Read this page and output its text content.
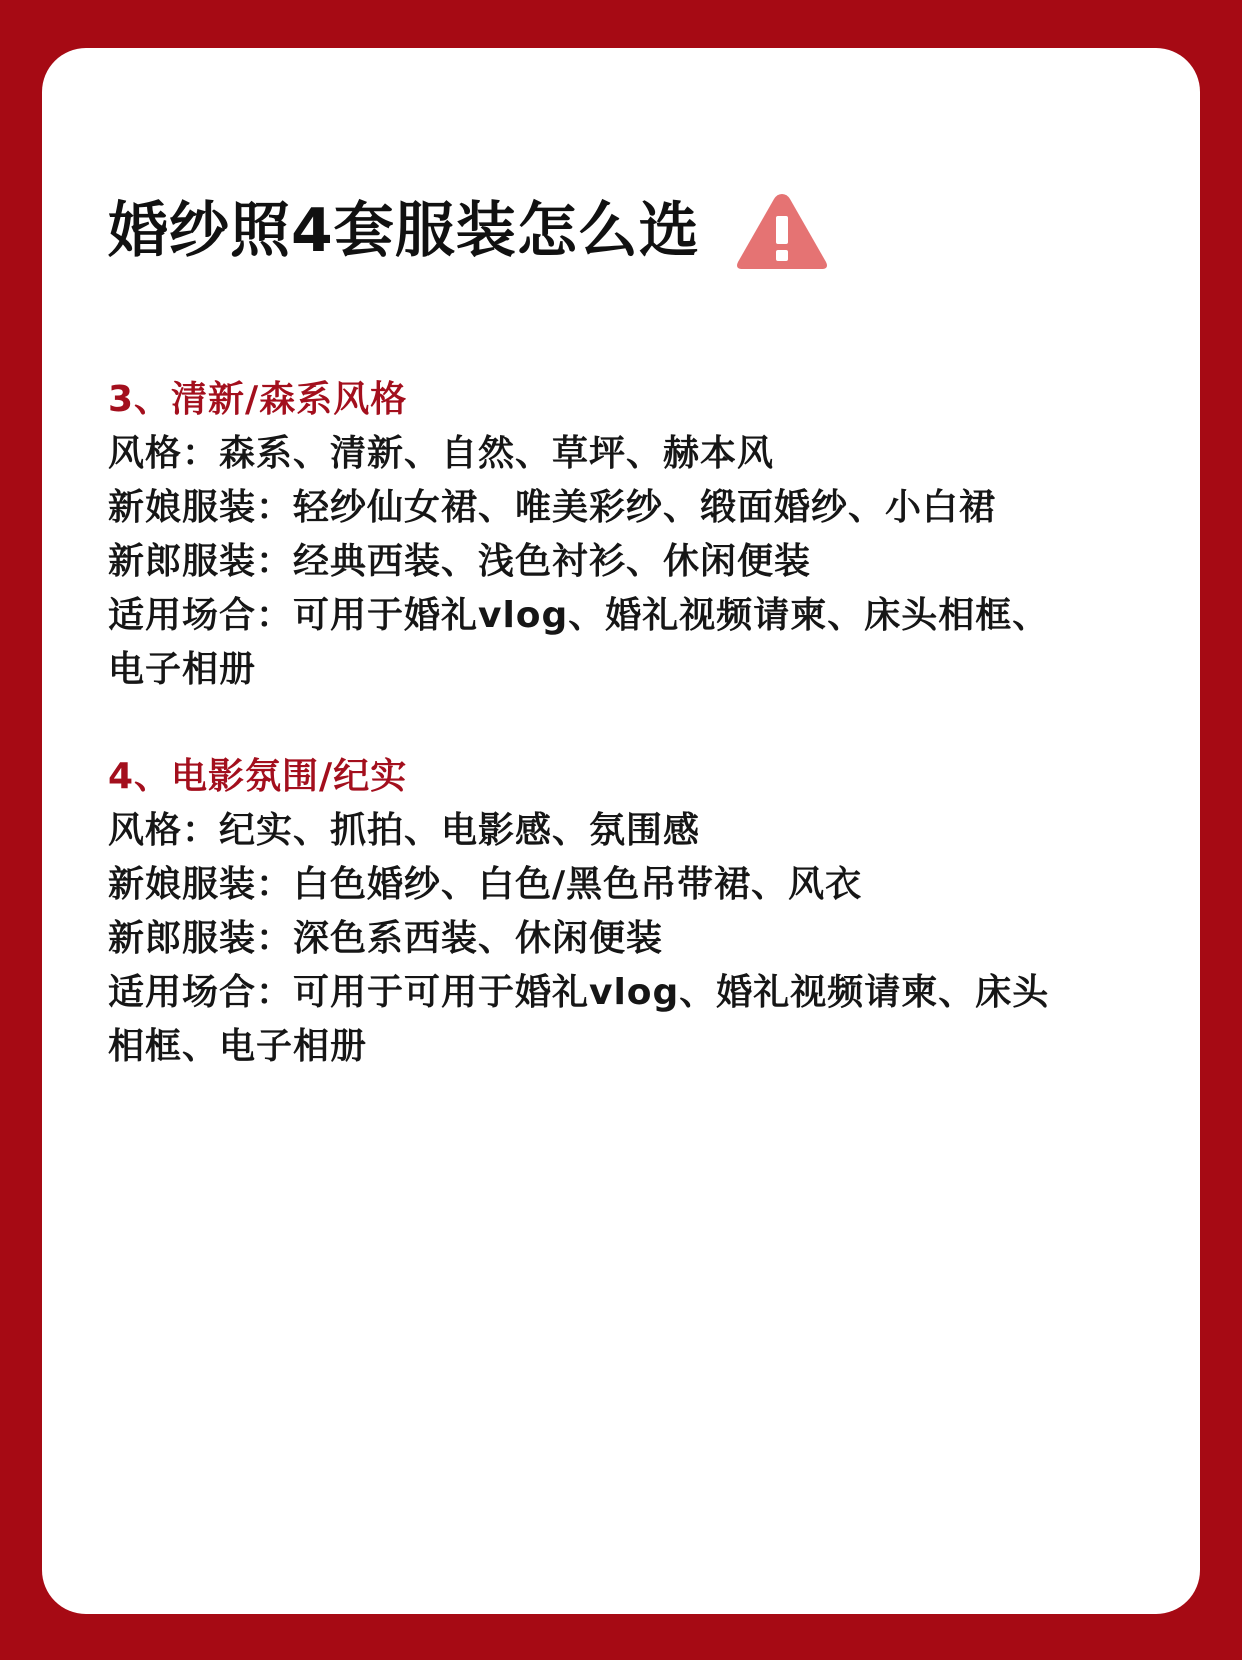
婚纱照4套服装怎么选
3、清新/森系风格
风格：森系、清新、自然、草坪、赫本风
新娘服装：轻纱仙女裙、唯美彩纱、缎面婚纱、小白裙
新郎服装：经典西装、浅色衬衫、休闲便装
适用场合：可用于婚礼vlog、婚礼视频请柬、床头相框、
电子相册
4、电影氛围/纪实
风格：纪实、抓拍、电影感、氛围感
新娘服装：白色婚纱、白色/黑色吊带裙、风衣
新郎服装：深色系西装、休闲便装
适用场合：可用于可用于婚礼vlog、婚礼视频请柬、床头
相框、电子相册
